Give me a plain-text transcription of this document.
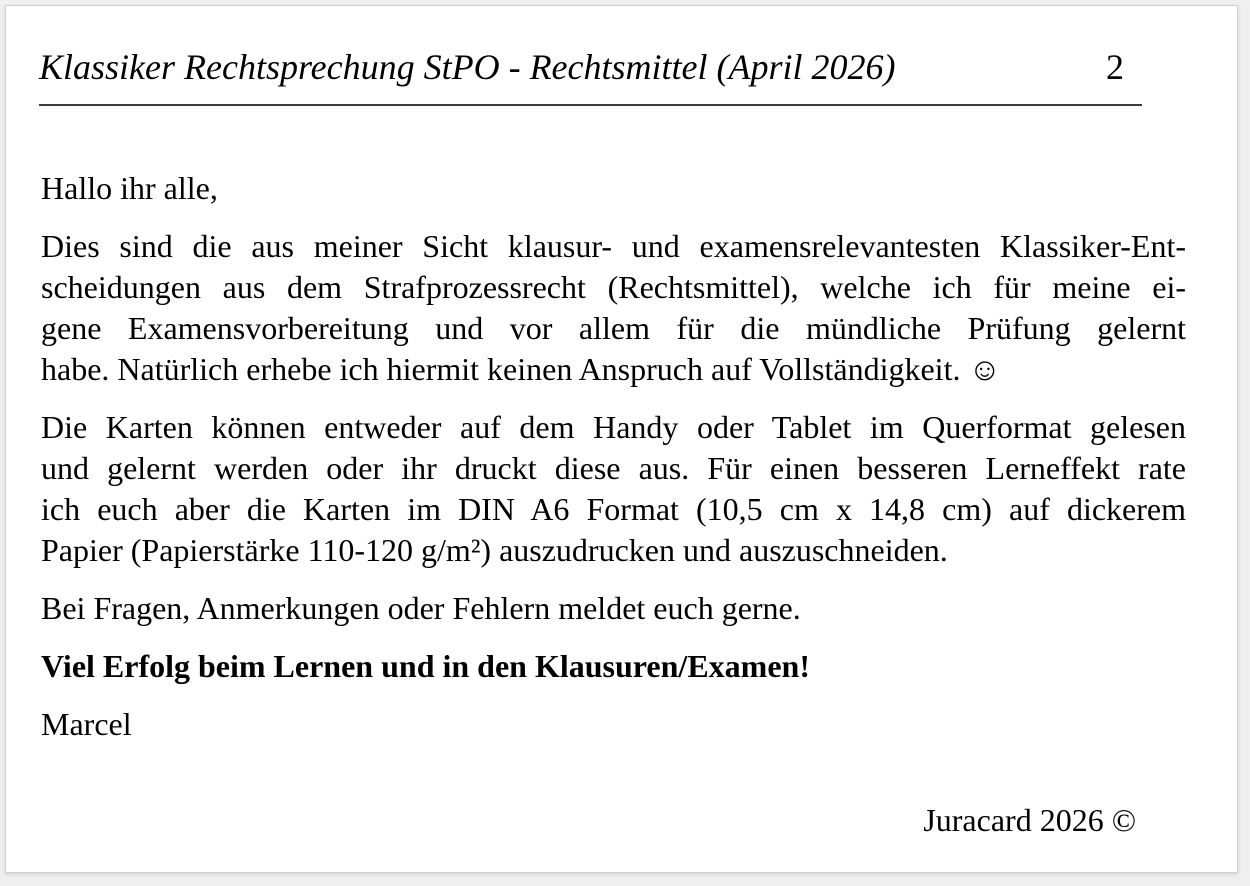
Klassiker Rechtsprechung StPO - Rechtsmittel (April 2026)	2
Hallo ihr alle,
Dies sind die aus meiner Sicht klausur- und examensrelevantesten Klassiker-Ent-
scheidungen aus dem Strafprozessrecht (Rechtsmittel), welche ich für meine ei-
gene Examensvorbereitung und vor allem für die mündliche Prüfung gelernt
habe. Natürlich erhebe ich hiermit keinen Anspruch auf Vollständigkeit. ☺
Die Karten können entweder auf dem Handy oder Tablet im Querformat gelesen
und gelernt werden oder ihr druckt diese aus. Für einen besseren Lerneffekt rate
ich euch aber die Karten im DIN A6 Format (10,5 cm x 14,8 cm) auf dickerem
Papier (Papierstärke 110-120 g/m²) auszudrucken und auszuschneiden.
Bei Fragen, Anmerkungen oder Fehlern meldet euch gerne.
Viel Erfolg beim Lernen und in den Klausuren/Examen!
Marcel
Juracard 2026 ©
